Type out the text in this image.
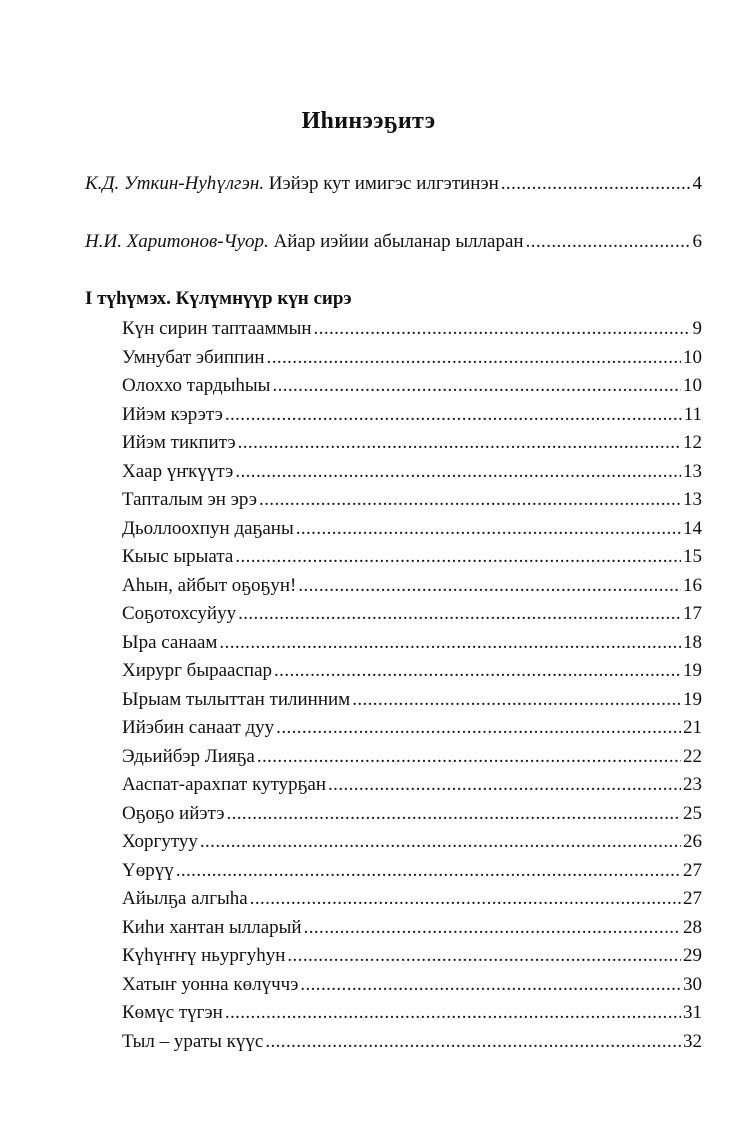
Иһинээҕитэ
К.Д. Уткин-Нуһүлгэн.
Иэйэр кут имигэс илгэтинэн .....	4
Н.И. Харитонов-Чуор.
Айар иэйии абыланар ылларан .....	6
I түһүмэх. Күлүмнүүр күн сирэ
Күн сирин таптааммын .....	9
Умнубат эбиппин .....	10
Олоххо тардыһыы .....	10
Ийэм кэрэтэ .....	11
Ийэм тикпитэ .....	12
Хаар үҥкүүтэ .....	13
Тапталым эн эрэ .....	13
Дьоллоохпун даҕаны .....	14
Кыыс ырыата .....	15
Аһын, айбыт оҕоҕун! .....	16
Соҕотохсуйуу .....	17
Ыра санаам .....	18
Хирург бырааспар .....	19
Ырыам тылыттан тилинним .....	19
Ийэбин санаат дуу .....	21
Эдьийбэр Лияҕа .....	22
Ааспат-арахпат кутурҕан .....	23
Оҕоҕо ийэтэ .....	25
Хоргутуу .....	26
Үөрүү .....	27
Айылҕа алгыһа .....	27
Киһи хантан ылларый .....	28
Күһүҥҥү ньургуһун .....	29
Хатыҥ уонна көлүччэ .....	30
Көмүс түгэн .....	31
Тыл – ураты күүс .....	32
